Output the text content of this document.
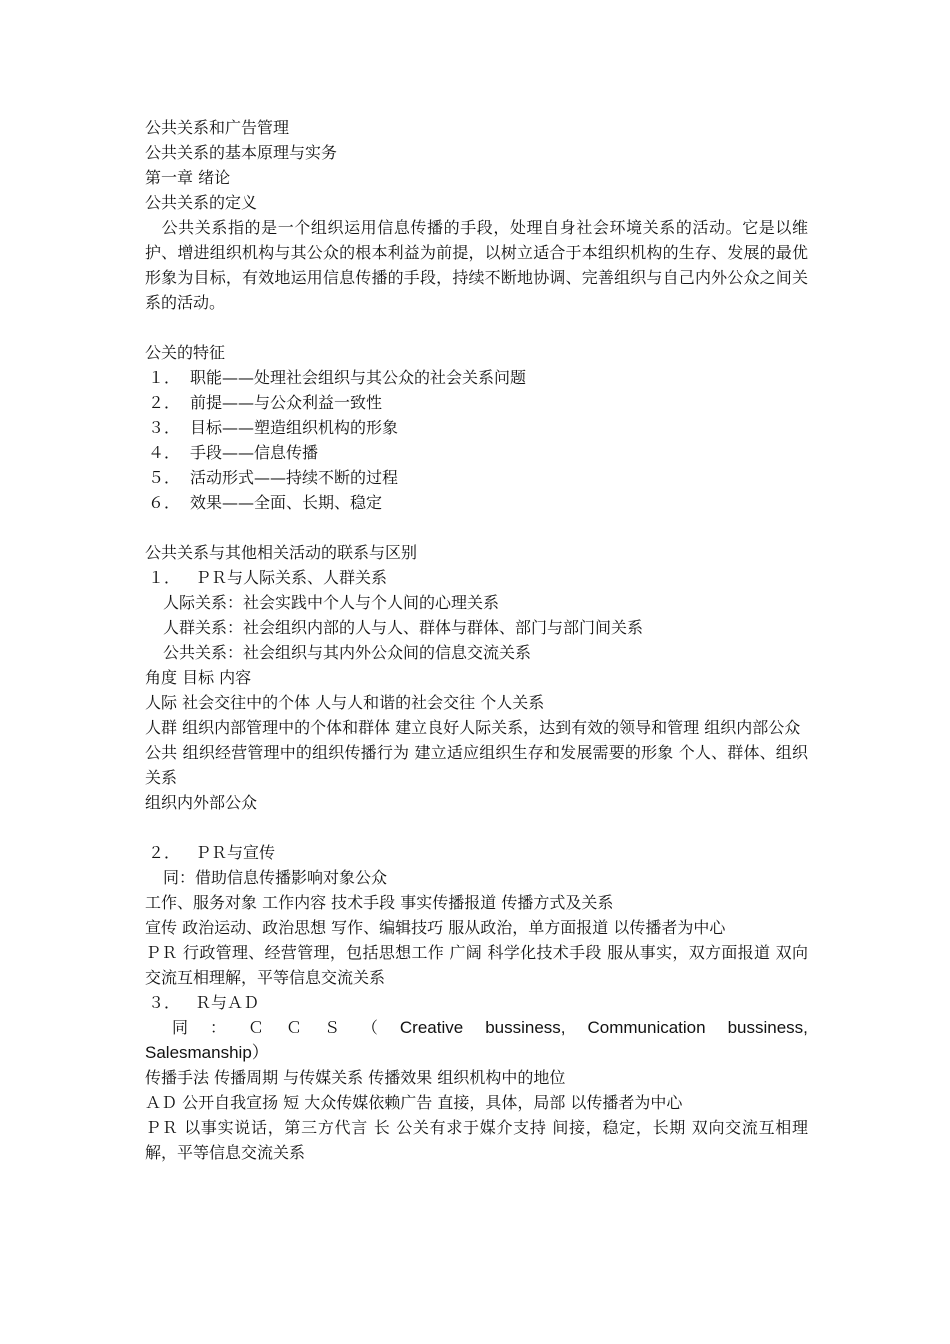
公共关系和广告管理
公共关系的基本原理与实务
第一章 绪论
公共关系的定义
　公共关系指的是一个组织运用信息传播的手段，处理自身社会环境关系的活动。它是以维护、增进组织机构与其公众的根本利益为前提，以树立适合于本组织机构的生存、发展的最优形象为目标，有效地运用信息传播的手段，持续不断地协调、完善组织与自己内外公众之间关系的活动。
公关的特征
１． 职能——处理社会组织与其公众的社会关系问题
２． 前提——与公众利益一致性
３． 目标——塑造组织机构的形象
４． 手段——信息传播
５． 活动形式——持续不断的过程
６． 效果——全面、长期、稳定
公共关系与其他相关活动的联系与区别
１． ＰＲ与人际关系、人群关系
人际关系：社会实践中个人与个人间的心理关系
人群关系：社会组织内部的人与人、群体与群体、部门与部门间关系
公共关系：社会组织与其内外公众间的信息交流关系
角度 目标 内容
人际 社会交往中的个体 人与人和谐的社会交往 个人关系
人群 组织内部管理中的个体和群体 建立良好人际关系，达到有效的领导和管理 组织内部公众
公共 组织经营管理中的组织传播行为 建立适应组织生存和发展需要的形象 个人、群体、组织关系
组织内外部公众
２． ＰＲ与宣传
同：借助信息传播影响对象公众
工作、服务对象 工作内容 技术手段 事实传播报道 传播方式及关系
宣传 政治运动、政治思想 写作、编辑技巧 服从政治，单方面报道 以传播者为中心
ＰＲ 行政管理、经营管理，包括思想工作 广阔 科学化技术手段 服从事实，双方面报道 双向交流互相理解，平等信息交流关系
３． Ｒ与ＡＤ
同 ： Ｃ Ｃ Ｓ （ Creative bussiness, Communication bussiness,
Salesmanship）
传播手法 传播周期 与传媒关系 传播效果 组织机构中的地位
ＡＤ 公开自我宣扬 短 大众传媒依赖广告 直接，具体，局部 以传播者为中心
ＰＲ 以事实说话，第三方代言 长 公关有求于媒介支持 间接，稳定，长期 双向交流互相理解，平等信息交流关系
